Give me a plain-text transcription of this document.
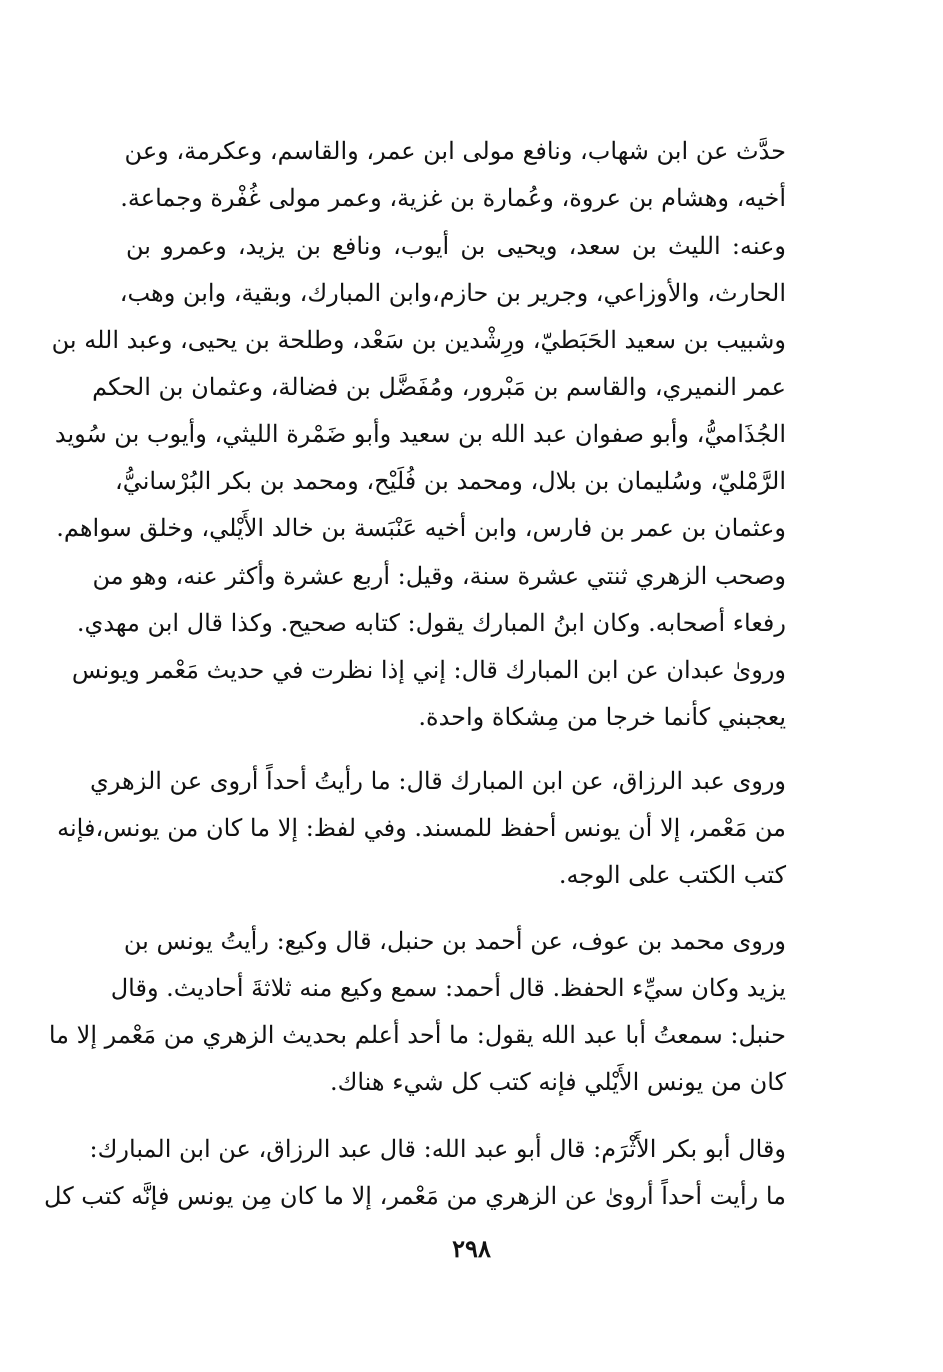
حدَّث عن ابن شهاب، ونافع مولى ابن عمر، والقاسم، وعكرمة، وعن
أخيه، وهشام بن عروة، وعُمارة بن غزية، وعمر مولى غُفْرة وجماعة.
وعنه: الليث بن سعد، ويحيى بن أيوب، ونافع بن يزيد، وعمرو بن
الحارث، والأوزاعي، وجرير بن حازم،وابن المبارك، وبقية، وابن وهب،
وشبيب بن سعيد الحَبَطيّ، ورِشْدين بن سَعْد، وطلحة بن يحيى، وعبد الله بن
عمر النميري، والقاسم بن مَبْرور، ومُفَضَّل بن فضالة، وعثمان بن الحكم
الجُذَاميُّ، وأبو صفوان عبد الله بن سعيد وأبو ضَمْرة الليثي، وأيوب بن سُويد
الرَّمْليّ، وسُليمان بن بلال، ومحمد بن فُلَيْح، ومحمد بن بكر البُرْسانيُّ،
وعثمان بن عمر بن فارس، وابن أخيه عَنْبَسة بن خالد الأَيْلي، وخلق سواهم.
وصحب الزهري ثنتي عشرة سنة، وقيل: أربع عشرة وأكثر عنه، وهو من
رفعاء أصحابه. وكان ابنُ المبارك يقول: كتابه صحيح. وكذا قال ابن مهدي.
وروىٰ عبدان عن ابن المبارك قال: إني إذا نظرت في حديث مَعْمر ويونس
يعجبني كأنما خرجا من مِشكاة واحدة.
وروى عبد الرزاق، عن ابن المبارك قال: ما رأيتُ أحداً أروى عن الزهري
من مَعْمر، إلا أن يونس أحفظ للمسند. وفي لفظ: إلا ما كان من يونس،فإنه
كتب الكتب على الوجه.
وروى محمد بن عوف، عن أحمد بن حنبل، قال وكيع: رأيتُ يونس بن
يزيد وكان سيِّء الحفظ. قال أحمد: سمع وكيع منه ثلاثةَ أحاديث. وقال
حنبل: سمعتُ أبا عبد الله يقول: ما أحد أعلم بحديث الزهري من مَعْمر إلا ما
كان من يونس الأَيْلي فإنه كتب كل شيء هناك.
وقال أبو بكر الأَثْرَم: قال أبو عبد الله: قال عبد الرزاق، عن ابن المبارك:
ما رأيت أحداً أروىٰ عن الزهري من مَعْمر، إلا ما كان مِن يونس فإنَّه كتب كل
٢٩٨
